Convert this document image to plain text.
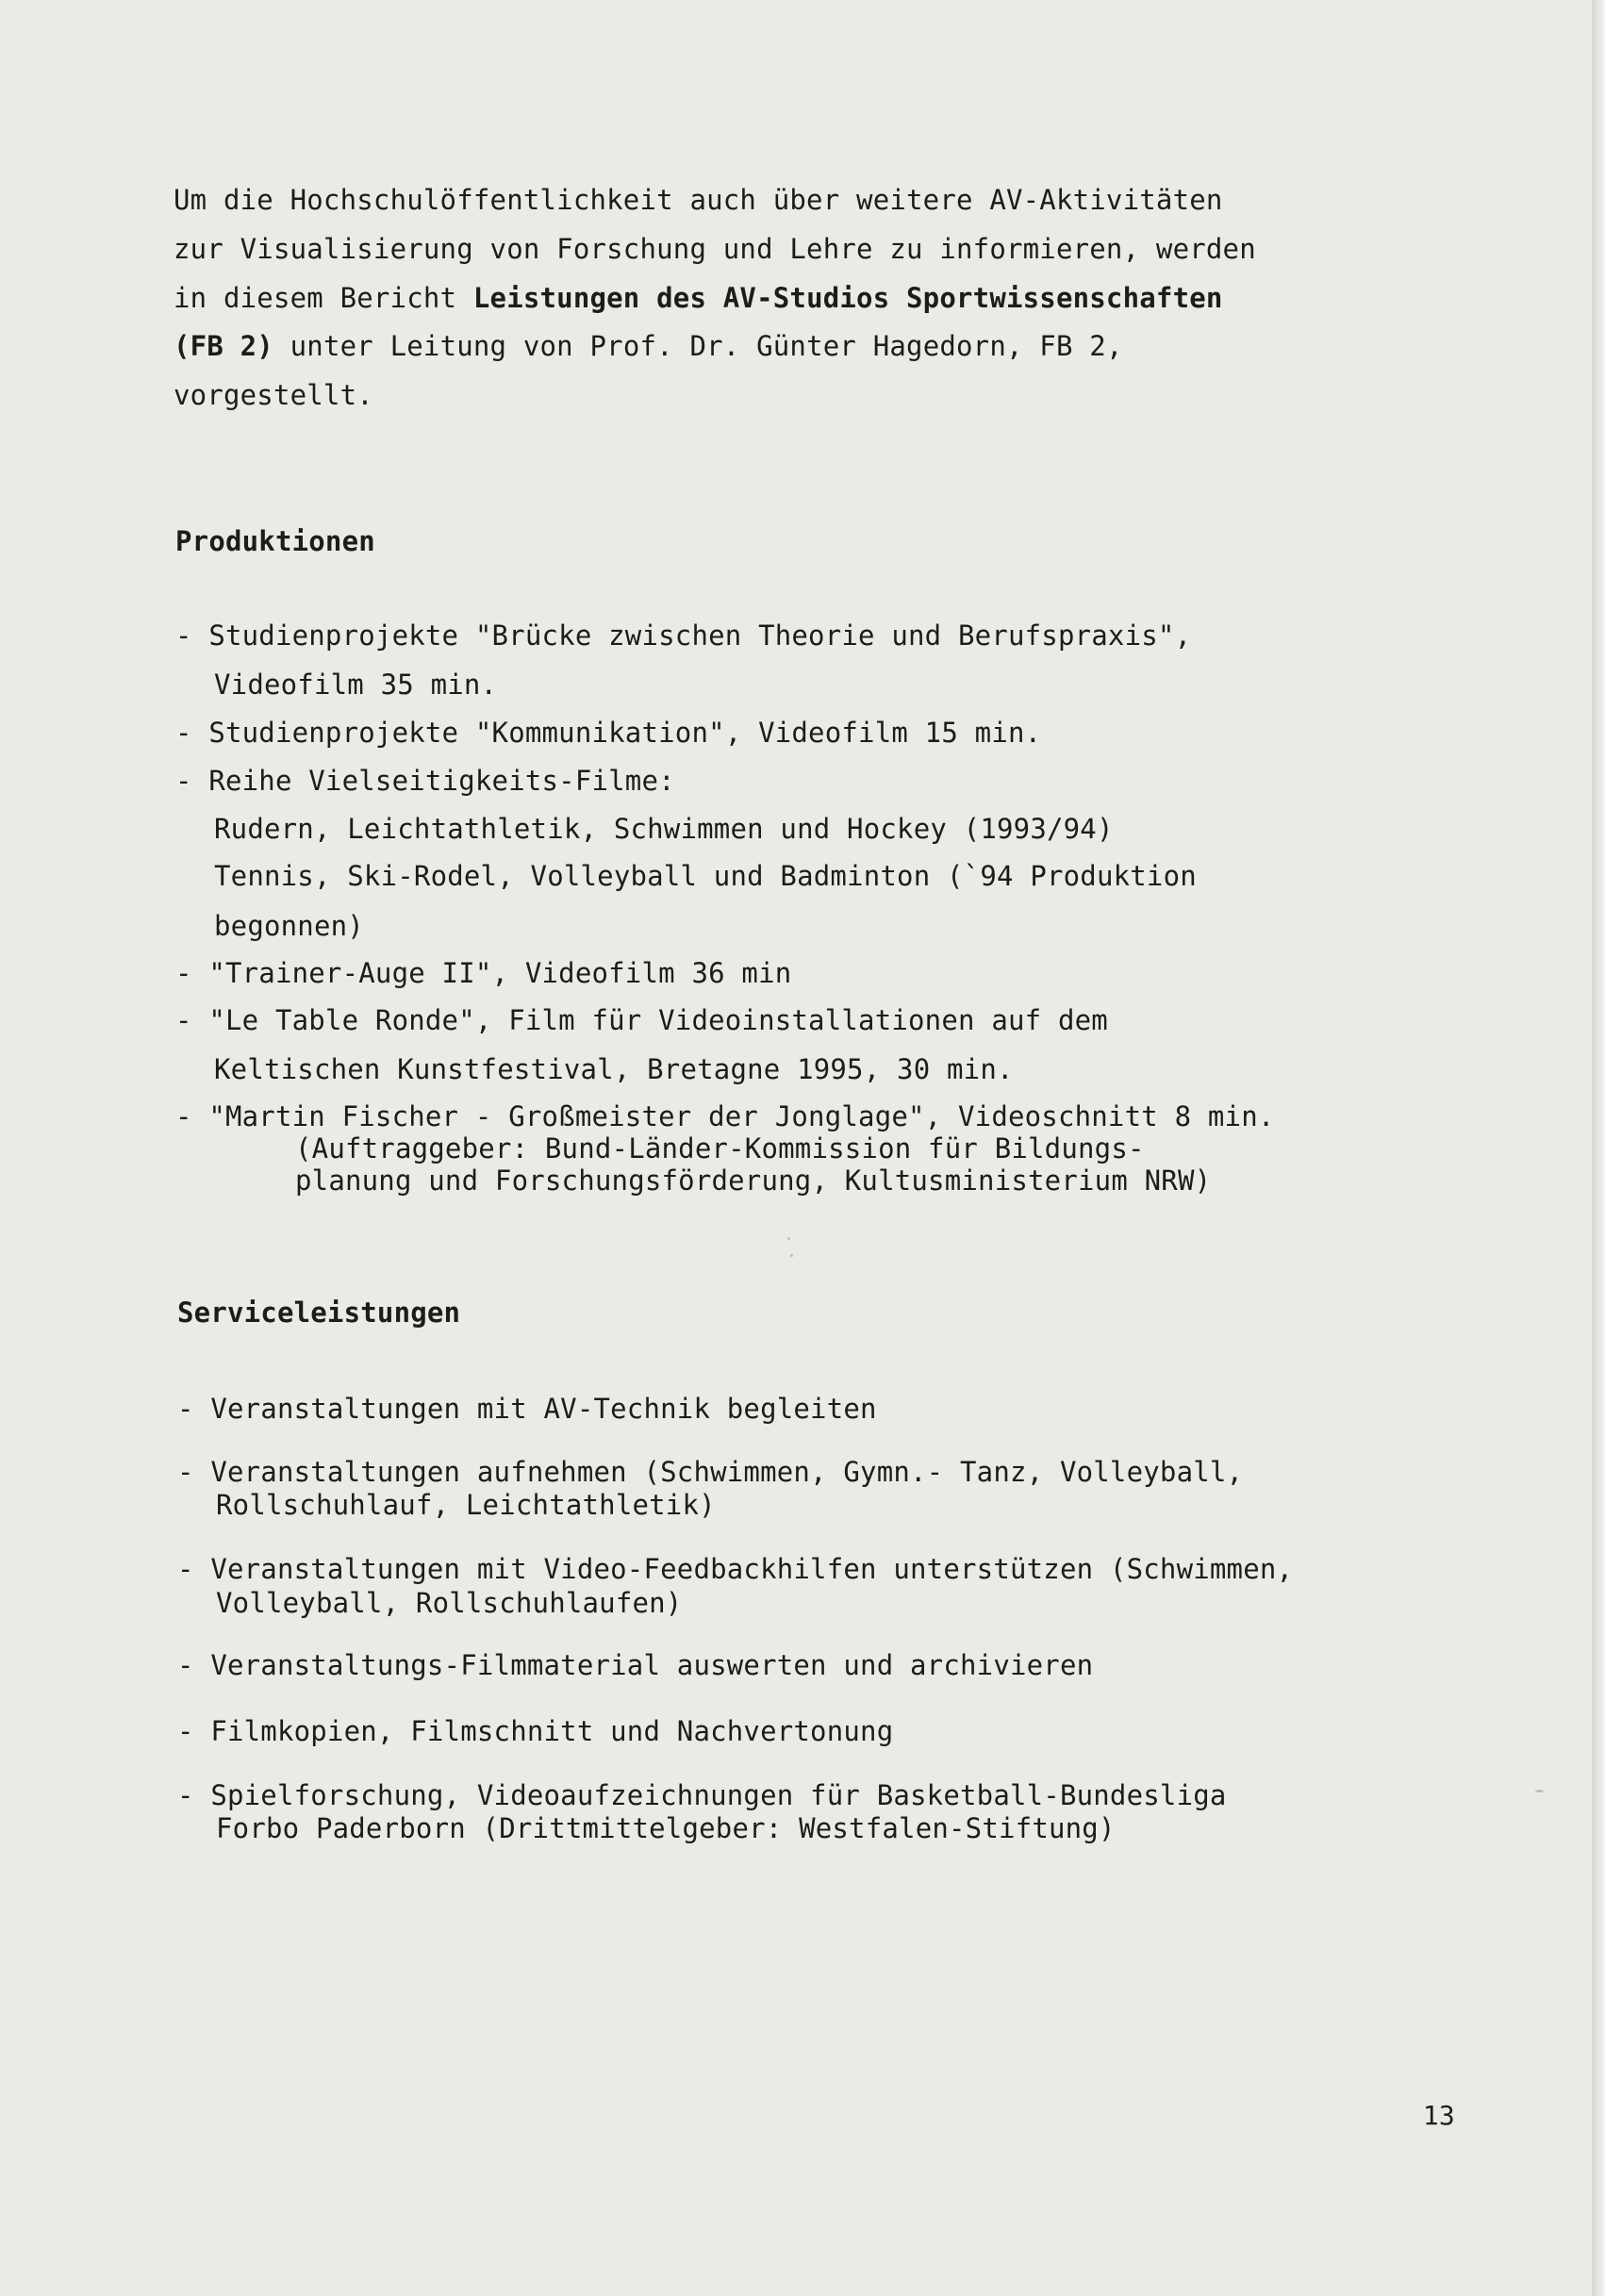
Um die Hochschulöffentlichkeit auch über weitere AV-Aktivitäten
zur Visualisierung von Forschung und Lehre zu informieren, werden
in diesem Bericht Leistungen des AV-Studios Sportwissenschaften
(FB 2) unter Leitung von Prof. Dr. Günter Hagedorn, FB 2,
vorgestellt.
Produktionen
- Studienprojekte "Brücke zwischen Theorie und Berufspraxis",
Videofilm 35 min.
- Studienprojekte "Kommunikation", Videofilm 15 min.
- Reihe Vielseitigkeits-Filme:
Rudern, Leichtathletik, Schwimmen und Hockey (1993/94)
Tennis, Ski-Rodel, Volleyball und Badminton (`94 Produktion
begonnen)
- "Trainer-Auge II", Videofilm 36 min
- "Le Table Ronde", Film für Videoinstallationen auf dem
Keltischen Kunstfestival, Bretagne 1995, 30 min.
- "Martin Fischer - Großmeister der Jonglage", Videoschnitt 8 min.
(Auftraggeber: Bund-Länder-Kommission für Bildungs-
planung und Forschungsförderung, Kultusministerium NRW)
Serviceleistungen
- Veranstaltungen mit AV-Technik begleiten
- Veranstaltungen aufnehmen (Schwimmen, Gymn.- Tanz, Volleyball,
Rollschuhlauf, Leichtathletik)
- Veranstaltungen mit Video-Feedbackhilfen unterstützen (Schwimmen,
Volleyball, Rollschuhlaufen)
- Veranstaltungs-Filmmaterial auswerten und archivieren
- Filmkopien, Filmschnitt und Nachvertonung
- Spielforschung, Videoaufzeichnungen für Basketball-Bundesliga
Forbo Paderborn (Drittmittelgeber: Westfalen-Stiftung)
13
